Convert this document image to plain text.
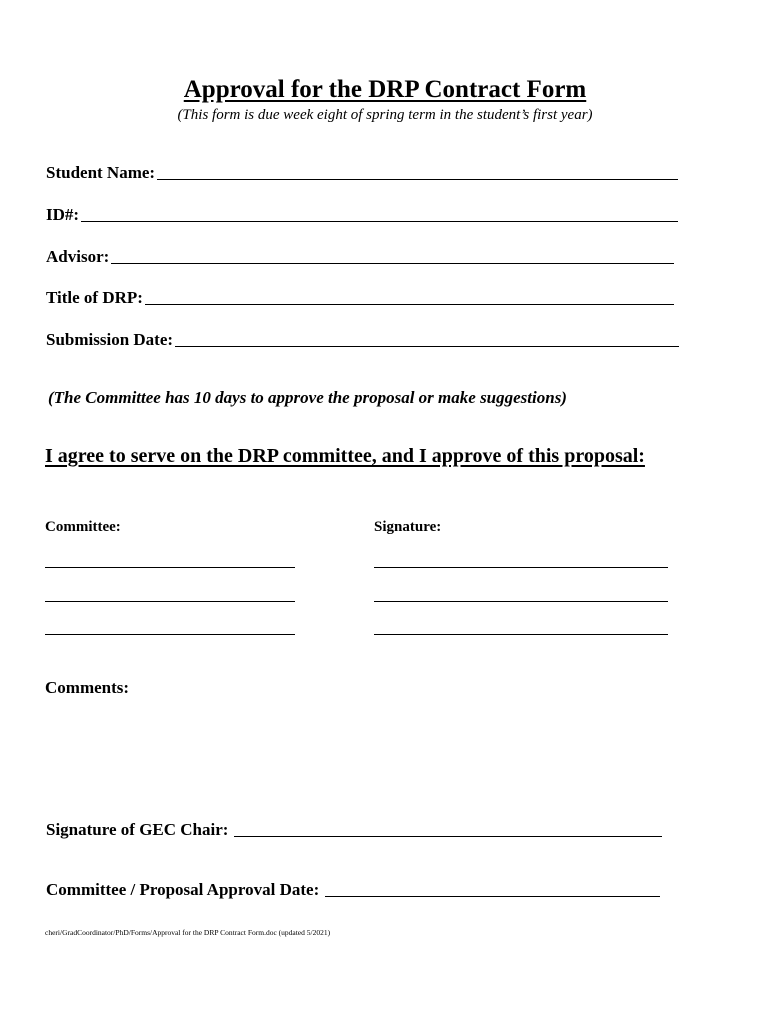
Approval for the DRP Contract Form
(This form is due week eight of spring term in the student’s first year)
Student Name:
ID#:
Advisor:
Title of DRP:
Submission Date:
(The Committee has 10 days to approve the proposal or make suggestions)
I agree to serve on the DRP committee, and I approve of this proposal:
Committee:	Signature:
Comments:
Signature of GEC Chair:
Committee / Proposal Approval Date:
cheri/GradCoordinator/PhD/Forms/Approval for the DRP Contract Form.doc (updated 5/2021)
